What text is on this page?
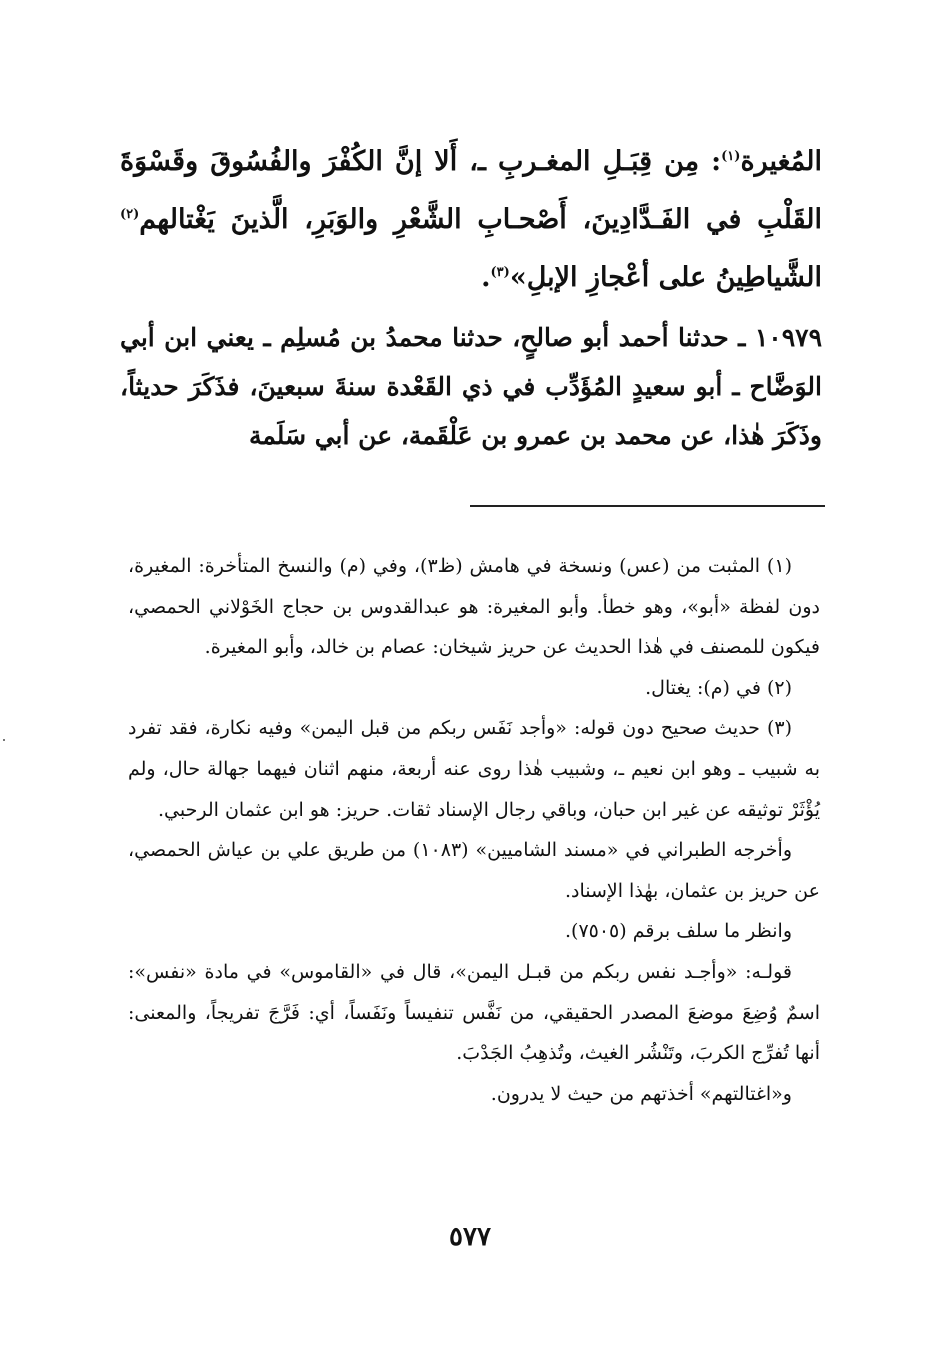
المُغيرة$^{(١)}$: مِن قِبَـلِ المغـربِ ـ، أَلا إنَّ الكُفْرَ والفُسُوقَ وقَسْوَةَ القَلْبِ في الفَـدَّادِينَ، أَصْحـابِ الشَّعْرِ والوَبَرِ، الَّذينَ يَغْتالهم$^{(٢)}$ الشَّياطِينُ على أعْجازِ الإبلِ»$^{(٣)}$.

١٠٩٧٩ ـ حدثنا أحمد أبو صالحٍ، حدثنا محمدُ بن مُسلِم ـ يعني ابن أبي الوَضَّاح ـ أبو سعيدٍ المُؤَدِّب في ذي القَعْدة سنةَ سبعينَ، فذَكَرَ حديثاً، وذَكَرَ هٰذا، عن محمد بن عمرو بن عَلْقَمة، عن أبي سَلَمة

(١) المثبت من (عس) ونسخة في هامش (ظ٣)، وفي (م) والنسخ المتأخرة: المغيرة، دون لفظة «أبو»، وهو خطأ. وأبو المغيرة: هو عبدالقدوس بن حجاج الخَوْلاني الحمصي، فيكون للمصنف في هٰذا الحديث عن حريز شيخان: عصام بن خالد، وأبو المغيرة.

(٢) في (م): يغتال.

(٣) حديث صحيح دون قوله: «وأجد نَفَس ربكم من قبل اليمن» وفيه نكارة، فقد تفرد به شبيب ـ وهو ابن نعيم ـ، وشبيب هٰذا روى عنه أربعة، منهم اثنان فيهما جهالة حال، ولم يُؤْثَرْ توثيقه عن غير ابن حبان، وباقي رجال الإسناد ثقات. حريز: هو ابن عثمان الرحبي.

وأخرجه الطبراني في «مسند الشاميين» (١٠٨٣) من طريق علي بن عياش الحمصي، عن حريز بن عثمان، بهٰذا الإسناد.

وانظر ما سلف برقم (٧٥٠٥).

قولـه: «وأجـد نفس ربكم من قبـل اليمن»، قال في «القاموس» في مادة «نفس»: اسمٌ وُضِعَ موضعَ المصدر الحقيقي، من نَفَّس تنفيساً ونَفَساً، أي: فَرَّجَ تفريجاً، والمعنى: أنها تُفرِّج الكربَ، وتَنْشُر الغيث، وتُذهِبُ الجَدْبَ.

و«اغتالتهم» أخذتهم من حيث لا يدرون.

٥٧٧
